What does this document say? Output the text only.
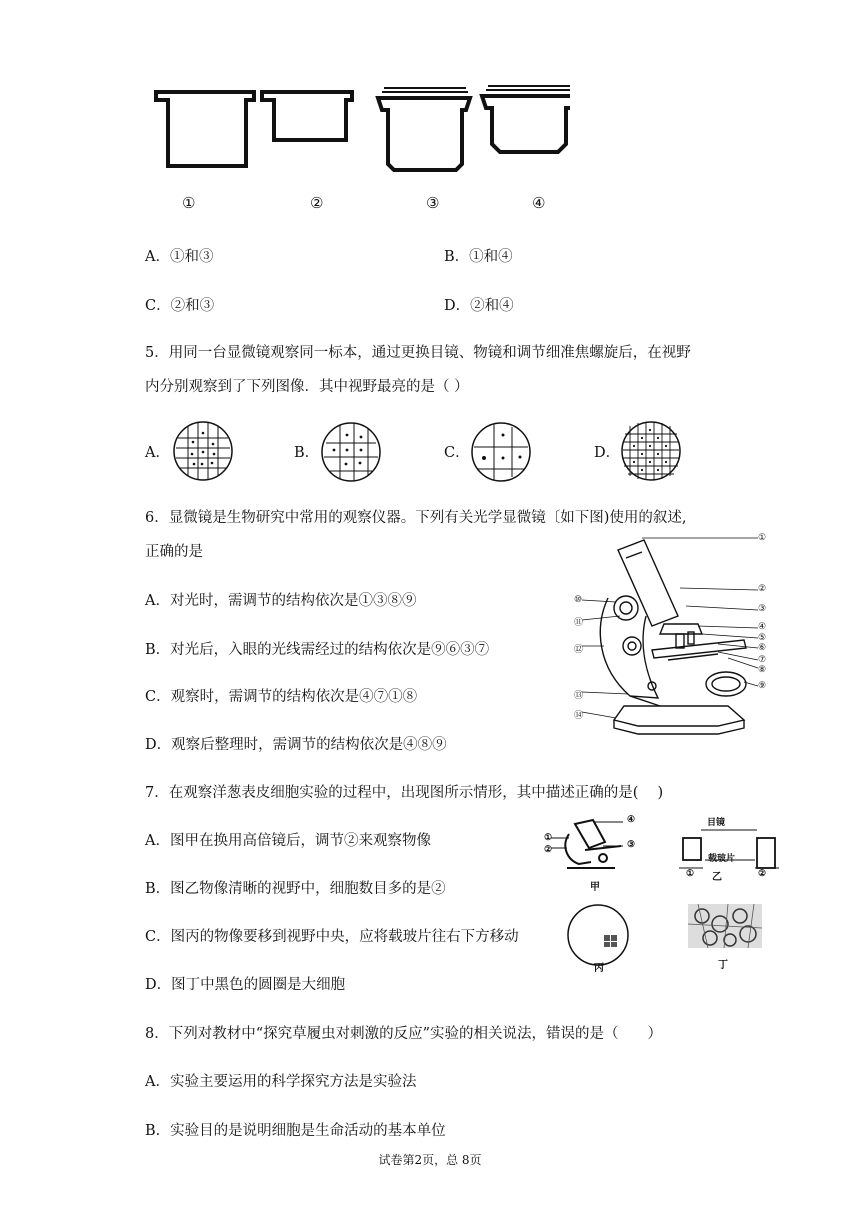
①	②	③	④
A．①和③	B．①和④
C．②和③	D．②和④
5．用同一台显微镜观察同一标本，通过更换目镜、物镜和调节细准焦螺旋后，在视野
内分别观察到了下列图像．其中视野最亮的是（ ）
A．	B．	C．	D．
6．显微镜是生物研究中常用的观察仪器。下列有关光学显微镜〔如下图)使用的叙述,
正确的是
A．对光时，需调节的结构依次是①③⑧⑨
B．对光后，入眼的光线需经过的结构依次是⑨⑥③⑦
C．观察时，需调节的结构依次是④⑦①⑧
D．观察后整理时，需调节的结构依次是④⑧⑨
①
②
③
④
⑤
⑥
⑦
⑧
⑨
⑩
⑪
⑫
⑬
⑭
7．在观察洋葱表皮细胞实验的过程中，出现图所示情形，其中描述正确的是(　 )
A．图甲在换用高倍镜后，调节②来观察物像
B．图乙物像清晰的视野中，细胞数目多的是②
C．图丙的物像要移到视野中央，应将载玻片往右下方移动
D．图丁中黑色的圆圈是大细胞
④
③
①
②
甲
目镜
载玻片
① 乙	②
丙	丁
8．下列对教材中“探究草履虫对刺激的反应”实验的相关说法，错误的是（　　）
A．实验主要运用的科学探究方法是实验法
B．实验目的是说明细胞是生命活动的基本单位
试卷第2页，总 8页
